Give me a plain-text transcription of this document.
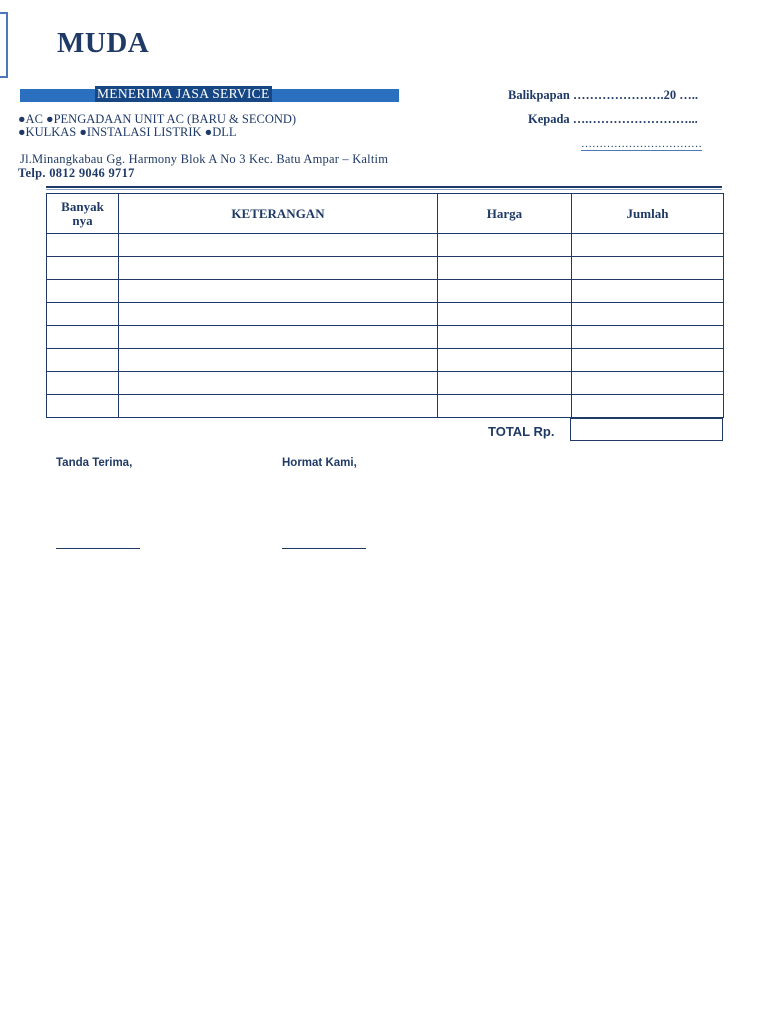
MUDA
MENERIMA JASA SERVICE
●AC ●PENGADAAN UNIT AC (BARU & SECOND)
●KULKAS ●INSTALASI LISTRIK ●DLL
Jl.Minangkabau Gg. Harmony Blok A No 3 Kec. Batu Ampar – Kaltim
Telp. 0812 9046 9717
Balikpapan ………………….20 …..
Kepada ….……………………...
……………………………
Banyak
nya	KETERANGAN	Harga	Jumlah

TOTAL Rp.
Tanda Terima,	Hormat Kami,
